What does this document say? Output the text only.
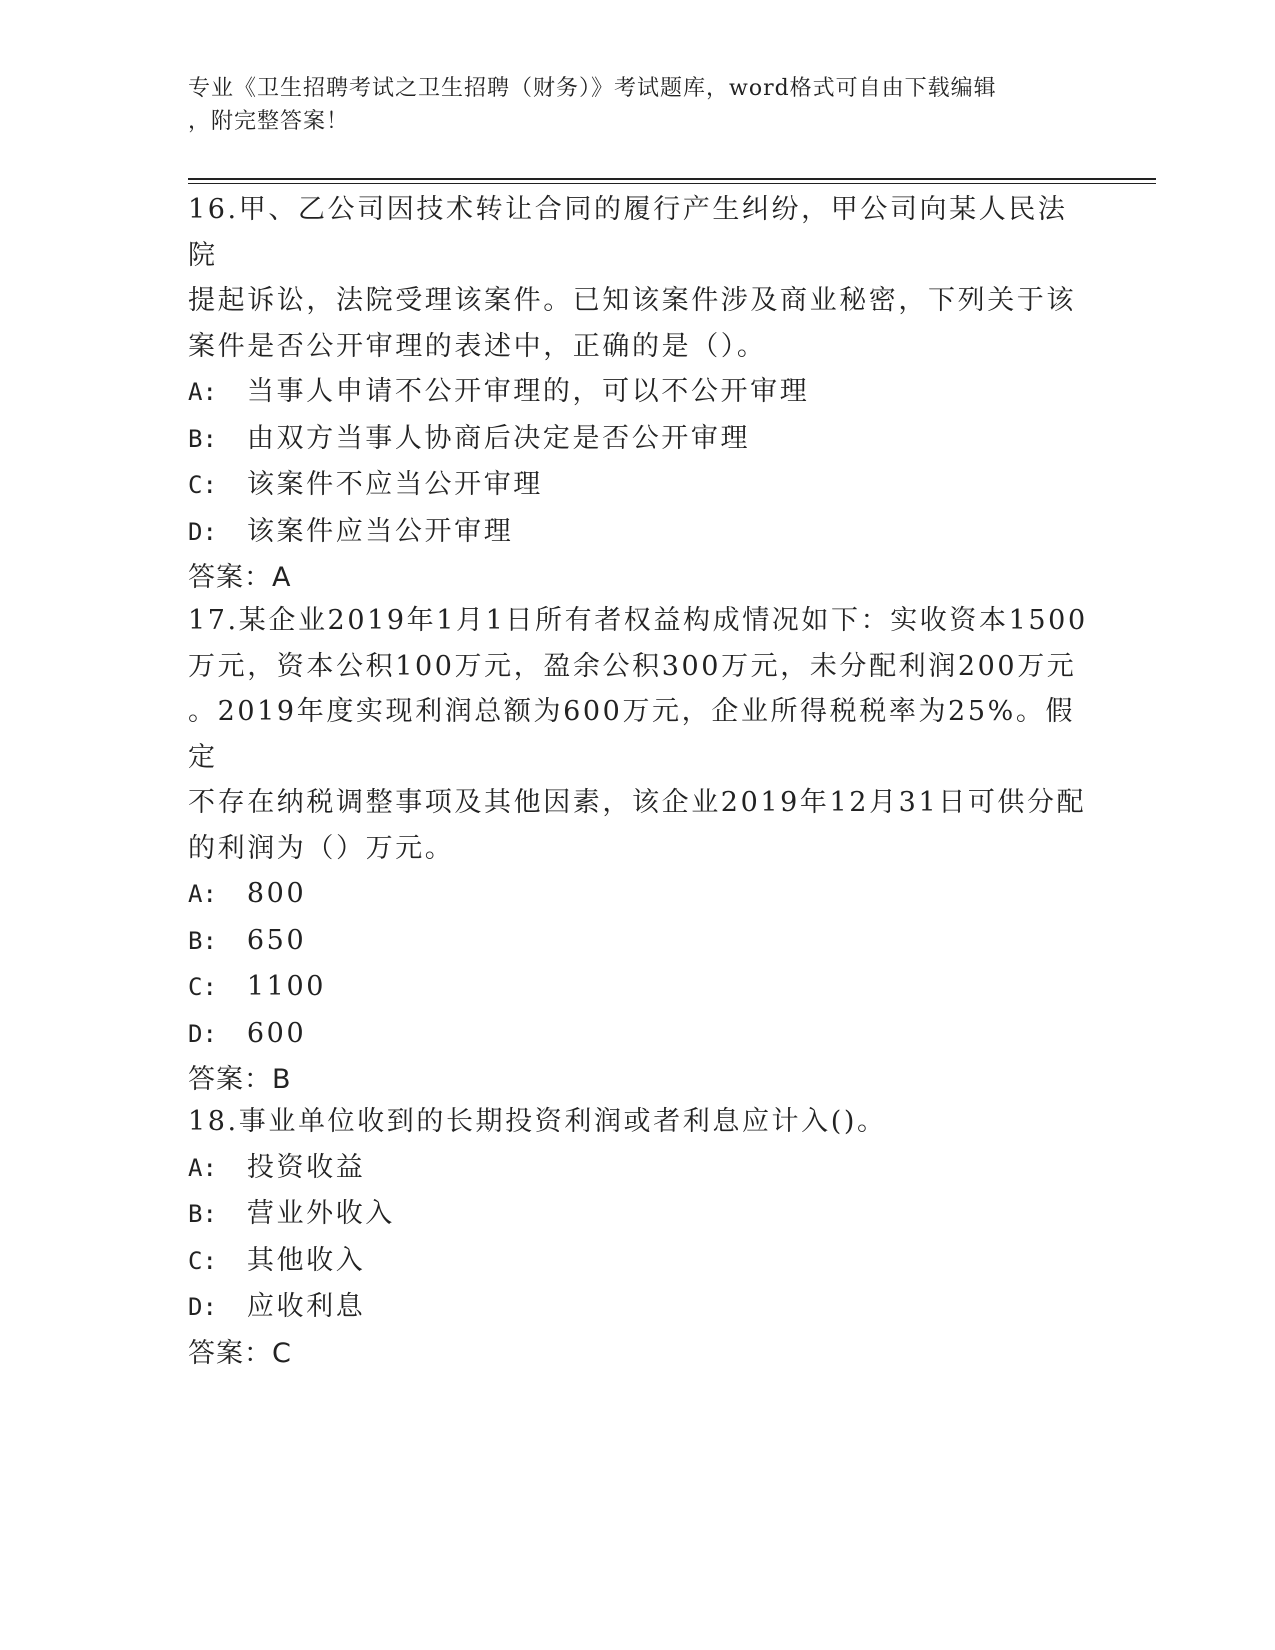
专业《卫生招聘考试之卫生招聘（财务）》考试题库，word格式可自由下载编辑
，附完整答案！

16.甲、乙公司因技术转让合同的履行产生纠纷，甲公司向某人民法院

提起诉讼，法院受理该案件。已知该案件涉及商业秘密，下列关于该

案件是否公开审理的表述中，正确的是（）。

A: 当事人申请不公开审理的，可以不公开审理

B: 由双方当事人协商后决定是否公开审理

C: 该案件不应当公开审理

D: 该案件应当公开审理

答案：A

17.某企业2019年1月1日所有者权益构成情况如下：实收资本1500

万元，资本公积100万元，盈余公积300万元，未分配利润200万元

。2019年度实现利润总额为600万元，企业所得税税率为25%。假定

不存在纳税调整事项及其他因素，该企业2019年12月31日可供分配

的利润为（）万元。

A: 800

B: 650

C: 1100

D: 600

答案：B

18.事业单位收到的长期投资利润或者利息应计入()。

A: 投资收益

B: 营业外收入

C: 其他收入

D: 应收利息

答案：C
